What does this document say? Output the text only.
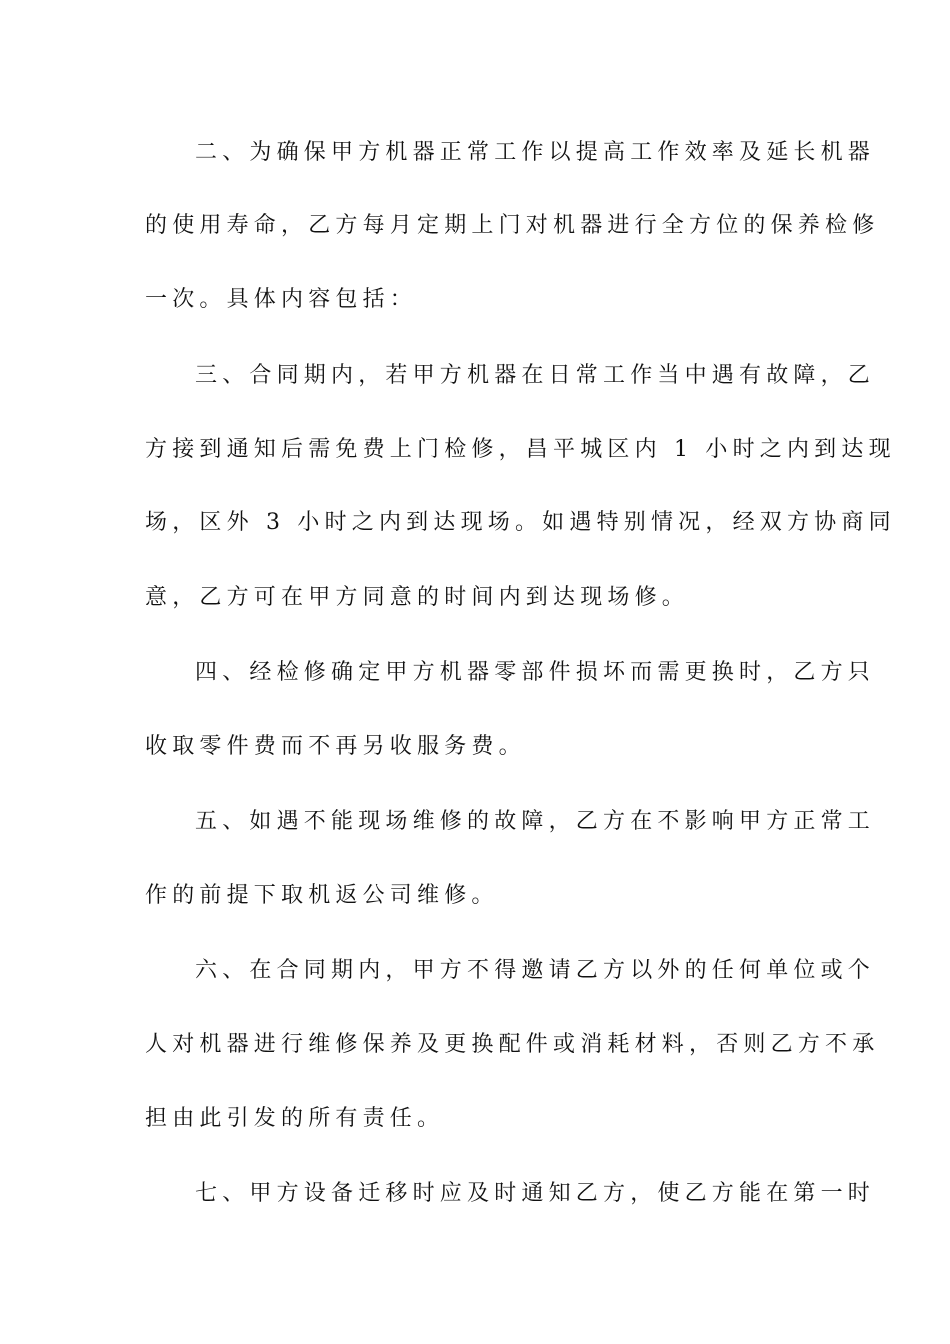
二、为确保甲方机器正常工作以提高工作效率及延长机器

的使用寿命，乙方每月定期上门对机器进行全方位的保养检修

一次。具体内容包括：

三、合同期内，若甲方机器在日常工作当中遇有故障，乙

方接到通知后需免费上门检修，昌平城区内 1 小时之内到达现

场，区外 3 小时之内到达现场。如遇特别情况，经双方协商同

意，乙方可在甲方同意的时间内到达现场修。

四、经检修确定甲方机器零部件损坏而需更换时，乙方只

收取零件费而不再另收服务费。

五、如遇不能现场维修的故障，乙方在不影响甲方正常工

作的前提下取机返公司维修。

六、在合同期内，甲方不得邀请乙方以外的任何单位或个

人对机器进行维修保养及更换配件或消耗材料，否则乙方不承

担由此引发的所有责任。

七、甲方设备迁移时应及时通知乙方，使乙方能在第一时
